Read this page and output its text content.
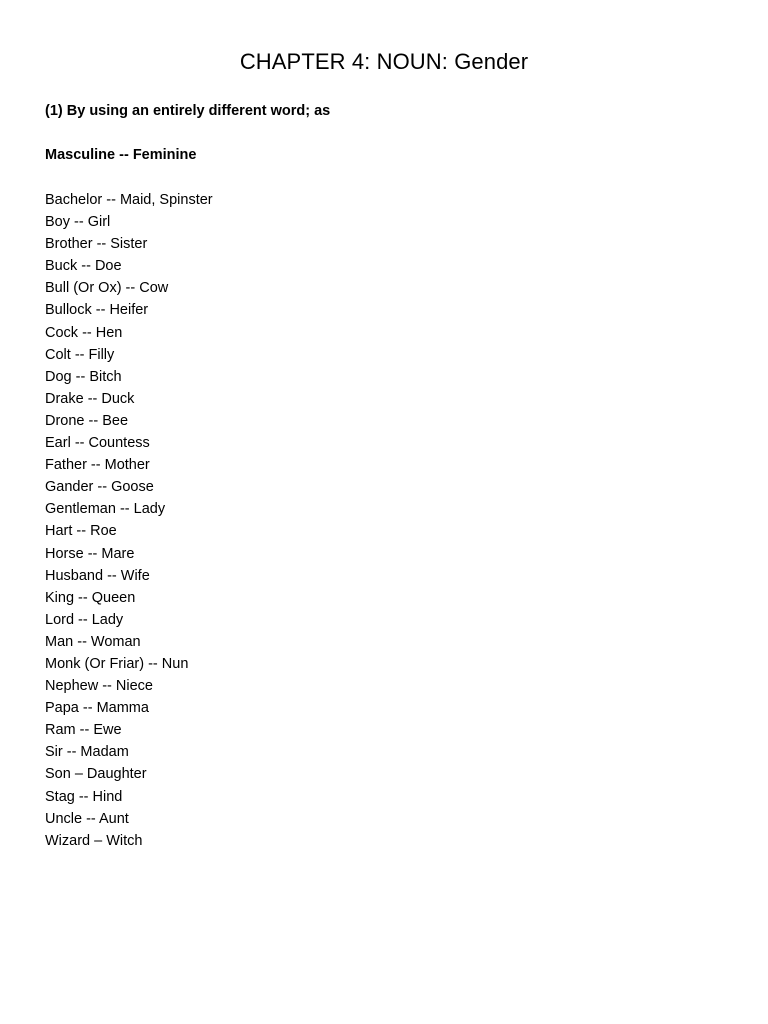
CHAPTER 4: NOUN: Gender
(1) By using an entirely different word; as
Masculine -- Feminine
Bachelor -- Maid, Spinster
Boy -- Girl
Brother -- Sister
Buck -- Doe
Bull (Or Ox) -- Cow
Bullock -- Heifer
Cock -- Hen
Colt -- Filly
Dog -- Bitch
Drake -- Duck
Drone -- Bee
Earl -- Countess
Father -- Mother
Gander -- Goose
Gentleman -- Lady
Hart -- Roe
Horse -- Mare
Husband -- Wife
King -- Queen
Lord -- Lady
Man -- Woman
Monk (Or Friar) -- Nun
Nephew -- Niece
Papa -- Mamma
Ram -- Ewe
Sir -- Madam
Son – Daughter
Stag -- Hind
Uncle -- Aunt
Wizard – Witch
